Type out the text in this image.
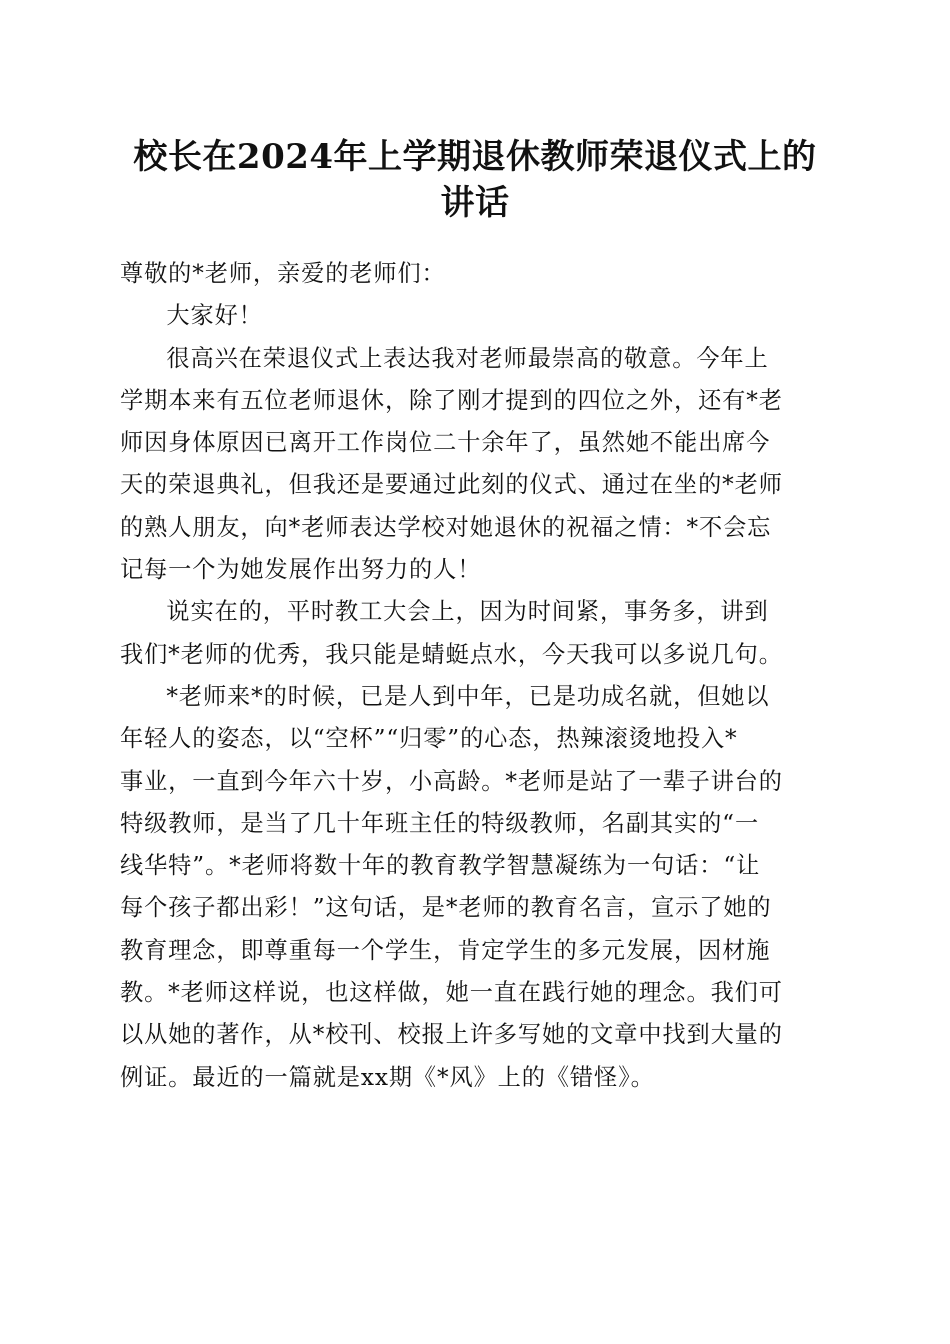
校长在2024年上学期退休教师荣退仪式上的
讲话

尊敬的*老师，亲爱的老师们：

大家好！

很高兴在荣退仪式上表达我对老师最崇高的敬意。今年上
学期本来有五位老师退休，除了刚才提到的四位之外，还有*老
师因身体原因已离开工作岗位二十余年了，虽然她不能出席今
天的荣退典礼，但我还是要通过此刻的仪式、通过在坐的*老师
的熟人朋友，向*老师表达学校对她退休的祝福之情：*不会忘
记每一个为她发展作出努力的人！

说实在的，平时教工大会上，因为时间紧，事务多，讲到
我们*老师的优秀，我只能是蜻蜓点水，今天我可以多说几句。

*老师来*的时候，已是人到中年，已是功成名就，但她以
年轻人的姿态，以“空杯”“归零”的心态，热辣滚烫地投入*
事业，一直到今年六十岁，小高龄。*老师是站了一辈子讲台的
特级教师，是当了几十年班主任的特级教师，名副其实的“一
线华特”。*老师将数十年的教育教学智慧凝练为一句话：“让
每个孩子都出彩！”这句话，是*老师的教育名言，宣示了她的
教育理念，即尊重每一个学生，肯定学生的多元发展，因材施
教。*老师这样说，也这样做，她一直在践行她的理念。我们可
以从她的著作，从*校刊、校报上许多写她的文章中找到大量的
例证。最近的一篇就是xx期《*风》上的《错怪》。
